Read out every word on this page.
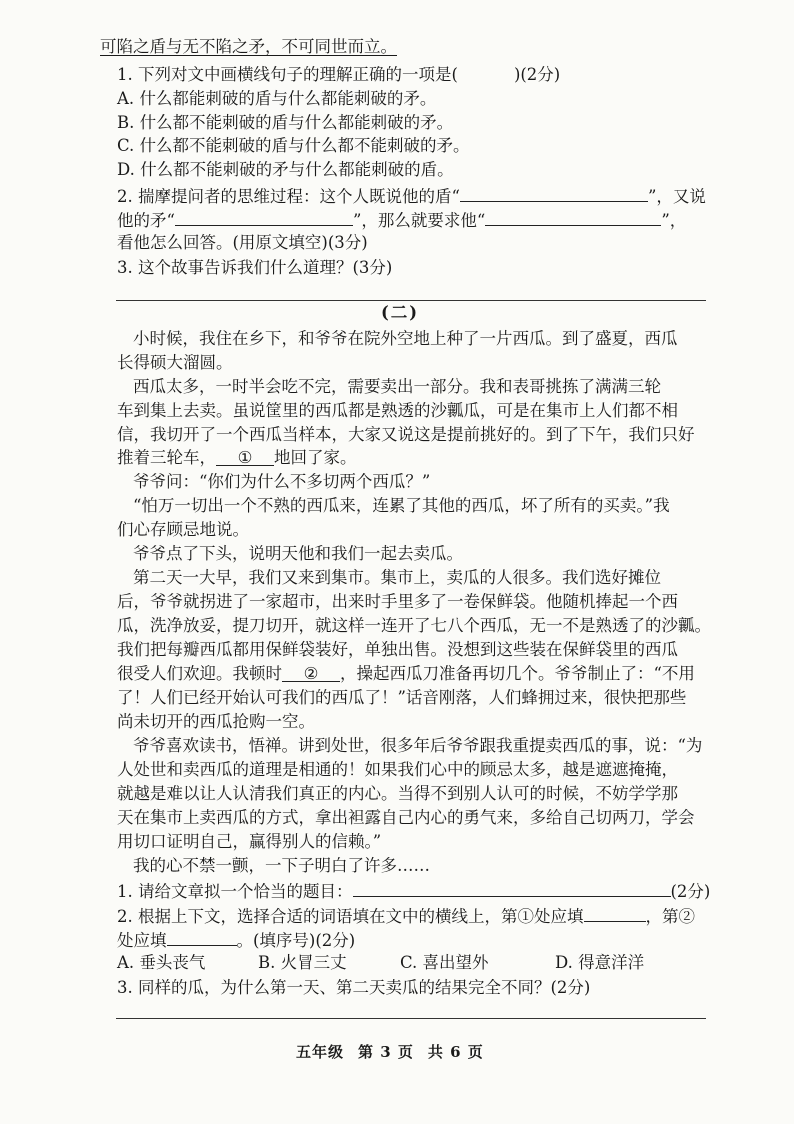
可陷之盾与无不陷之矛，不可同世而立。
1. 下列对文中画横线句子的理解正确的一项是(	)(2分)
A. 什么都能刺破的盾与什么都能刺破的矛。
B. 什么都不能刺破的盾与什么都能刺破的矛。
C. 什么都不能刺破的盾与什么都不能刺破的矛。
D. 什么都不能刺破的矛与什么都能刺破的盾。
2. 揣摩提问者的思维过程：这个人既说他的盾“	”，又说
他的矛“	”，那么就要求他“	”，
看他怎么回答。(用原文填空)(3分)
3. 这个故事告诉我们什么道理？(3分)
(二)
小时候，我住在乡下，和爷爷在院外空地上种了一片西瓜。到了盛夏，西瓜
长得硕大溜圆。
西瓜太多，一时半会吃不完，需要卖出一部分。我和表哥挑拣了满满三轮
车到集上去卖。虽说筐里的西瓜都是熟透的沙瓤瓜，可是在集市上人们都不相
信，我切开了一个西瓜当样本，大家又说这是提前挑好的。到了下午，我们只好
推着三轮车， ① 地回了家。
爷爷问：“你们为什么不多切两个西瓜？”
“怕万一切出一个不熟的西瓜来，连累了其他的西瓜，坏了所有的买卖。”我
们心存顾忌地说。
爷爷点了下头，说明天他和我们一起去卖瓜。
第二天一大早，我们又来到集市。集市上，卖瓜的人很多。我们选好摊位
后，爷爷就拐进了一家超市，出来时手里多了一卷保鲜袋。他随机捧起一个西
瓜，洗净放妥，提刀切开，就这样一连开了七八个西瓜，无一不是熟透了的沙瓤。
我们把每瓣西瓜都用保鲜袋装好，单独出售。没想到这些装在保鲜袋里的西瓜
很受人们欢迎。我顿时 ② ，操起西瓜刀准备再切几个。爷爷制止了：“不用
了！人们已经开始认可我们的西瓜了！”话音刚落，人们蜂拥过来，很快把那些
尚未切开的西瓜抢购一空。
爷爷喜欢读书，悟禅。讲到处世，很多年后爷爷跟我重提卖西瓜的事，说：“为
人处世和卖西瓜的道理是相通的！如果我们心中的顾忌太多，越是遮遮掩掩，
就越是难以让人认清我们真正的内心。当得不到别人认可的时候，不妨学学那
天在集市上卖西瓜的方式，拿出袒露自己内心的勇气来，多给自己切两刀，学会
用切口证明自己，赢得别人的信赖。”
我的心不禁一颤，一下子明白了许多……
1. 请给文章拟一个恰当的题目：	(2分)
2. 根据上下文，选择合适的词语填在文中的横线上，第①处应填	，第②
处应填	。(填序号)(2分)
A. 垂头丧气	B. 火冒三丈	C. 喜出望外	D. 得意洋洋
3. 同样的瓜，为什么第一天、第二天卖瓜的结果完全不同？(2分)
五年级 第 3 页 共 6 页
